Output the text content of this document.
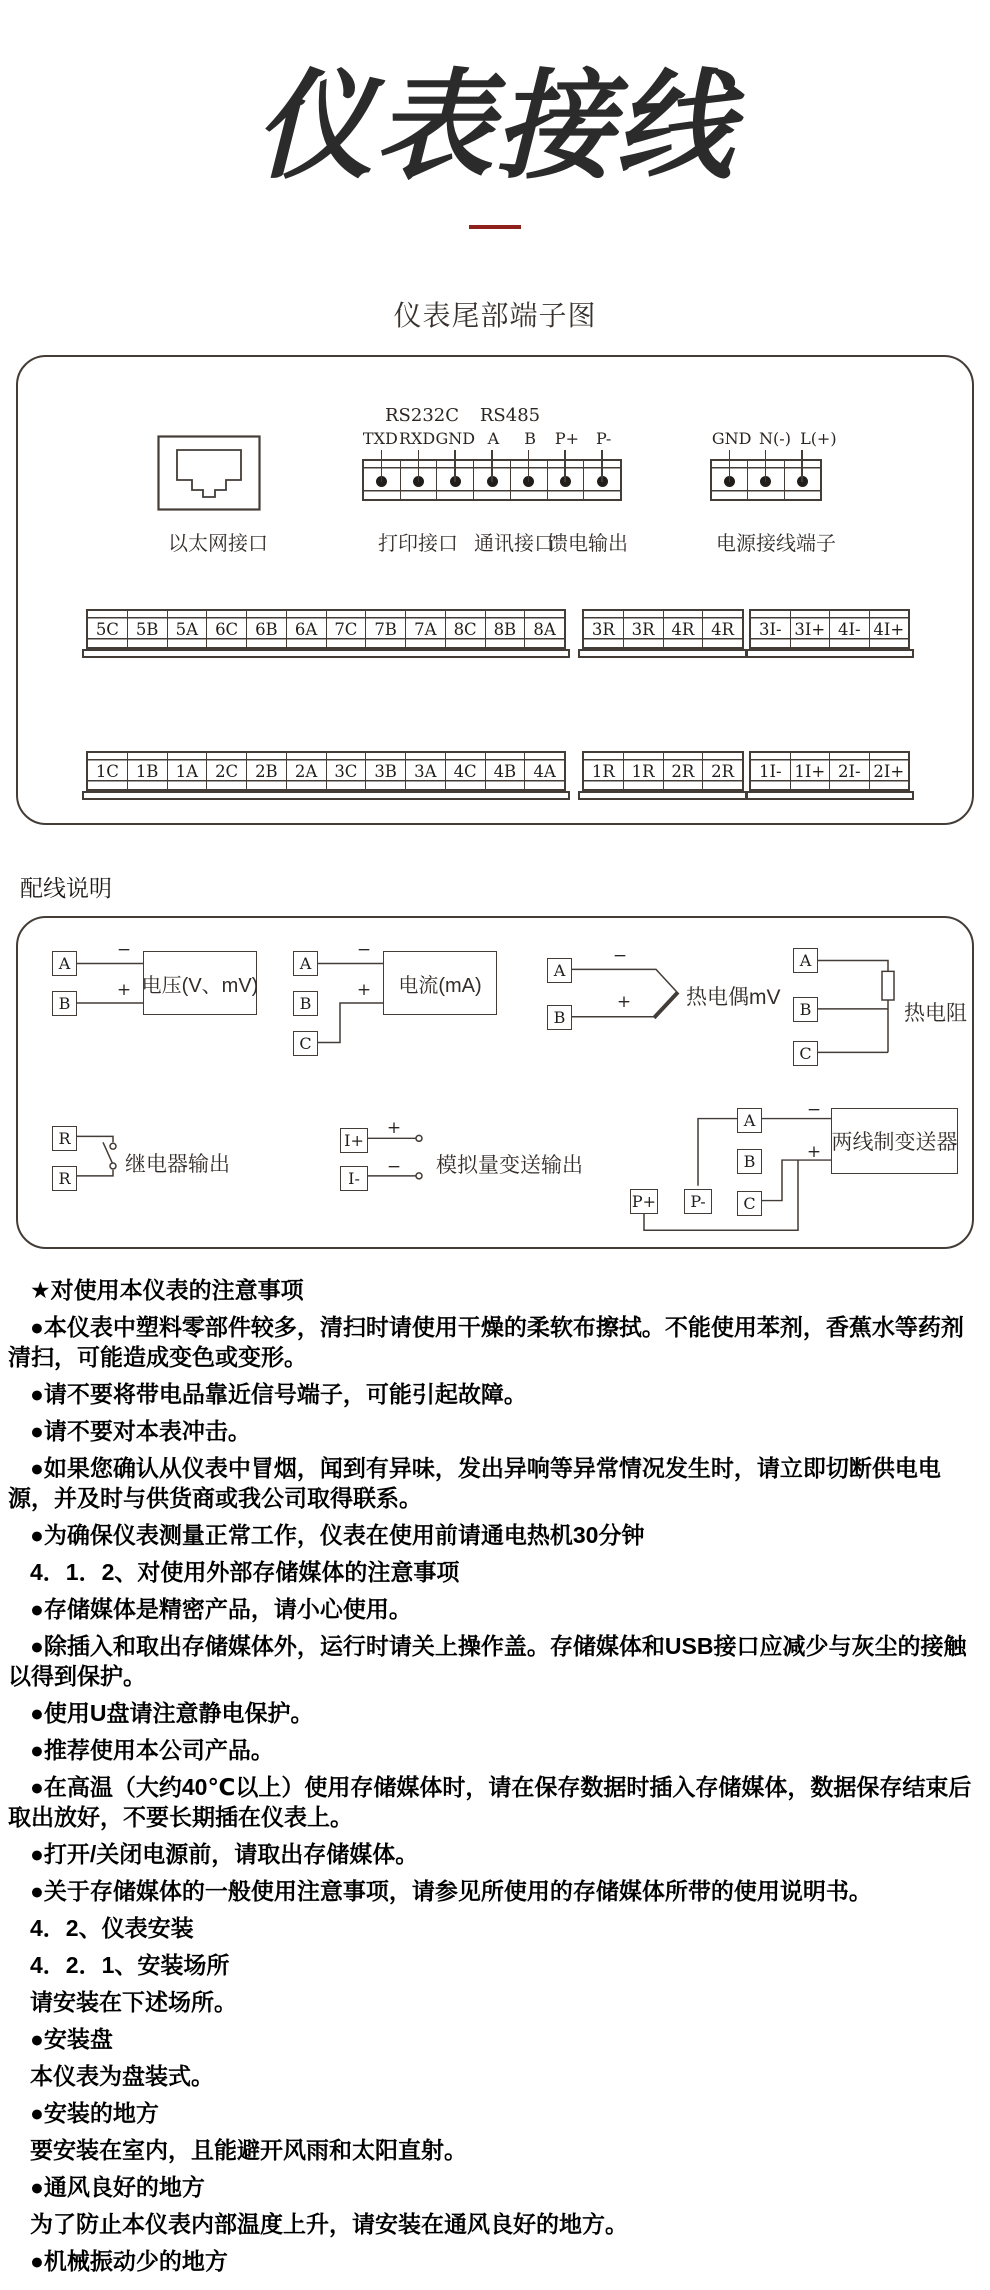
仪表接线
仪表尾部端子图
以太网接口
RS232C	RS485
TXD RXD GND A	B	P+	P-
打印接口 通讯接口
馈电输出
GND N(-) L(+)
电源接线端子
5C	5B	5A	6C	6B	6A	7C	7B	7A	8C	8B	8A	3R	3R	4R	4R	3I- 3I+ 4I- 4I+
1C	1B	1A	2C	2B	2A	3C	3B	3A	4C	4B	4A	1R	1R	2R	2R	1I- 1I+ 2I- 2I+
配线说明
A
B
−
+ 电压(V、mV)
A
B
C
−
+	电流(mA)
A
B
−
+	热电偶mV
A
B
C
热电阻
R
R
继电器输出
I+
I-
+
− 模拟量变送输出
A
B
C
P+	P-
−
+ 两线制变送器

★对使用本仪表的注意事项

●本仪表中塑料零部件较多，清扫时请使用干燥的柔软布擦拭。不能使用苯剂，香蕉水等药剂清扫，可能造成变色或变形。

●请不要将带电品靠近信号端子，可能引起故障。

●请不要对本表冲击。

●如果您确认从仪表中冒烟，闻到有异味，发出异响等异常情况发生时，请立即切断供电电源，并及时与供货商或我公司取得联系。

●为确保仪表测量正常工作，仪表在使用前请通电热机30分钟

4．1．2、对使用外部存储媒体的注意事项

●存储媒体是精密产品，请小心使用。

●除插入和取出存储媒体外，运行时请关上操作盖。存储媒体和USB接口应减少与灰尘的接触以得到保护。

●使用U盘请注意静电保护。

●推荐使用本公司产品。

●在高温（大约40℃以上）使用存储媒体时，请在保存数据时插入存储媒体，数据保存结束后取出放好，不要长期插在仪表上。

●打开/关闭电源前，请取出存储媒体。

●关于存储媒体的一般使用注意事项，请参见所使用的存储媒体所带的使用说明书。

4．2、仪表安装

4．2．1、安装场所

请安装在下述场所。

●安装盘

本仪表为盘装式。

●安装的地方

要安装在室内，且能避开风雨和太阳直射。

●通风良好的地方

为了防止本仪表内部温度上升，请安装在通风良好的地方。

●机械振动少的地方
